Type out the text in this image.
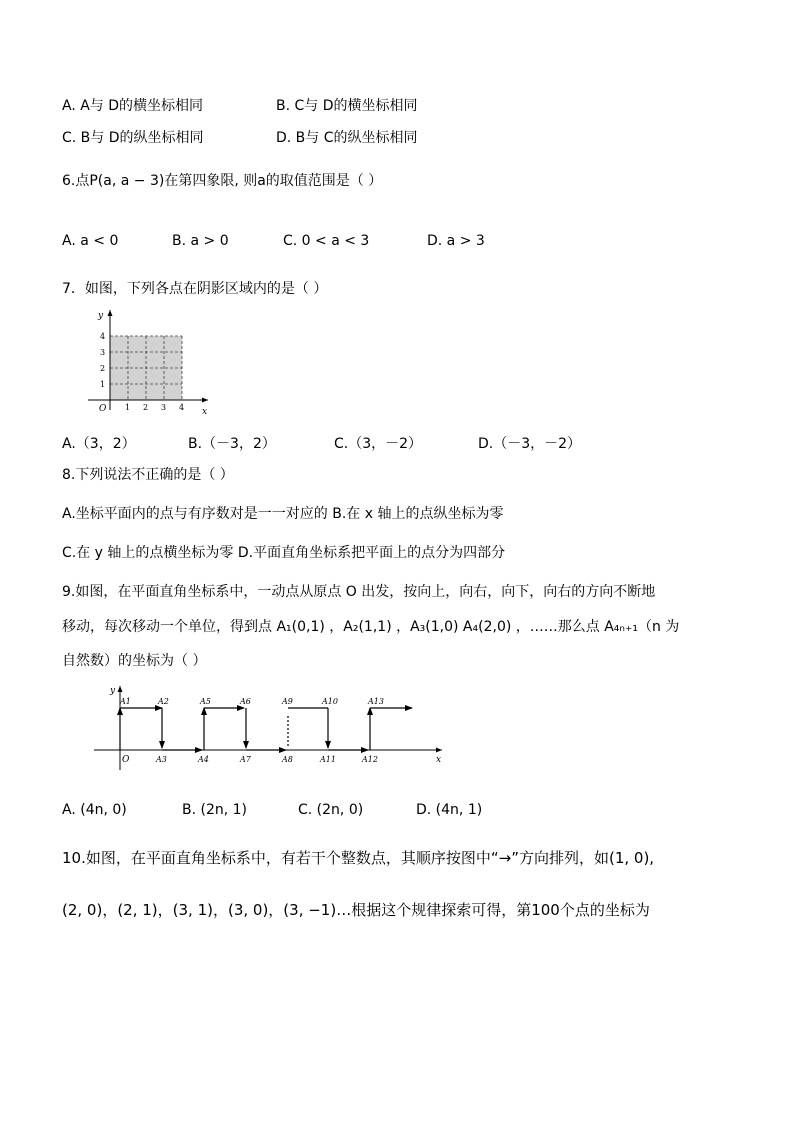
A. A与 D的横坐标相同	B. C与 D的横坐标相同
C. B与 D的纵坐标相同	D. B与 C的纵坐标相同
6.点P(a, a − 3)在第四象限, 则a的取值范围是（ ）
A. a < 0	B. a > 0	C. 0 < a < 3	D. a > 3
7．如图，下列各点在阴影区域内的是（ ）
y
x
O
4
3
2
1
1 2 3 4
A.（3，2）	B.（－3，2）	C.（3，－2）	D.（－3，－2）
8.下列说法不正确的是（ ）
A.坐标平面内的点与有序数对是一一对应的 B.在 x 轴上的点纵坐标为零
C.在 y 轴上的点横坐标为零 D.平面直角坐标系把平面上的点分为四部分
9.如图，在平面直角坐标系中，一动点从原点 O 出发，按向上，向右，向下，向右的方向不断地
移动，每次移动一个单位，得到点 A₁(0,1) ，A₂(1,1) ，A₃(1,0) A₄(2,0) ，……那么点 A₄ₙ₊₁（n 为
自然数）的坐标为（ ）
y
x
O
A1	A2	A5	A6	A9	A10	A13
A3	A4	A7	A8	A11	A12
A. (4n, 0)	B. (2n, 1)	C. (2n, 0)	D. (4n, 1)
10.如图，在平面直角坐标系中，有若干个整数点，其顺序按图中“→”方向排列，如(1, 0),
(2, 0)，(2, 1)，(3, 1)，(3, 0)，(3, −1)…根据这个规律探索可得，第100个点的坐标为
